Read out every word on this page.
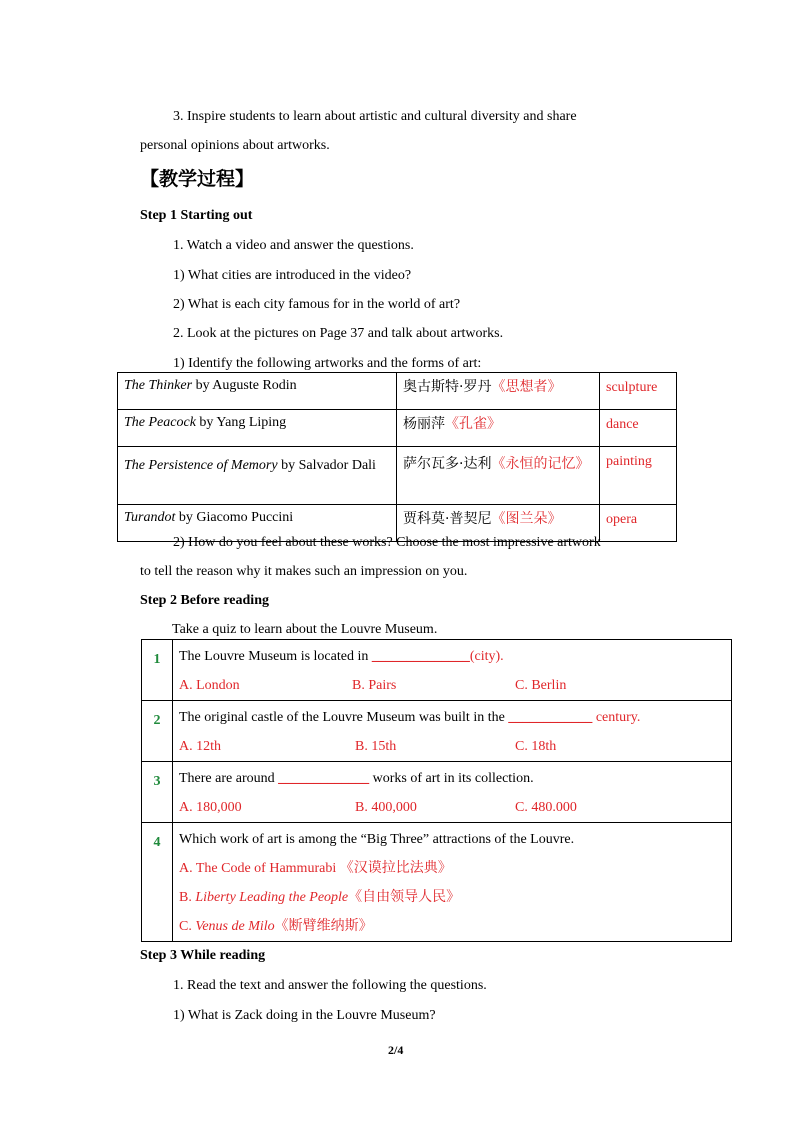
3. Inspire students to learn about artistic and cultural diversity and share
personal opinions about artworks.
【教学过程】
Step 1 Starting out
1. Watch a video and answer the questions.
1) What cities are introduced in the video?
2) What is each city famous for in the world of art?
2. Look at the pictures on Page 37 and talk about artworks.
1) Identify the following artworks and the forms of art:
The Thinker by Auguste Rodin	奥古斯特·罗丹《思想者》	sculpture
The Peacock by Yang Liping	杨丽萍《孔雀》	dance
The Persistence of Memory by Salvador Dali	萨尔瓦多·达利《永恒的记忆》	painting
Turandot by Giacomo Puccini	贾科莫·普契尼《图兰朵》	opera
2) How do you feel about these works? Choose the most impressive artwork
to tell the reason why it makes such an impression on you.
Step 2 Before reading
Take a quiz to learn about the Louvre Museum.
1	The Louvre Museum is located in ______________(city).
A. London B. Pairs C. Berlin

2	The original castle of the Louvre Museum was built in the ____________ century.
A. 12th B. 15th C. 18th

3	There are around _____________ works of art in its collection.
A. 180,000 B. 400,000 C. 480.000

4	Which work of art is among the “Big Three” attractions of the Louvre.
A. The Code of Hammurabi 《汉谟拉比法典》
B. Liberty Leading the People《自由领导人民》
C. Venus de Milo《断臂维纳斯》
Step 3 While reading
1. Read the text and answer the following the questions.
1) What is Zack doing in the Louvre Museum?
2/4
